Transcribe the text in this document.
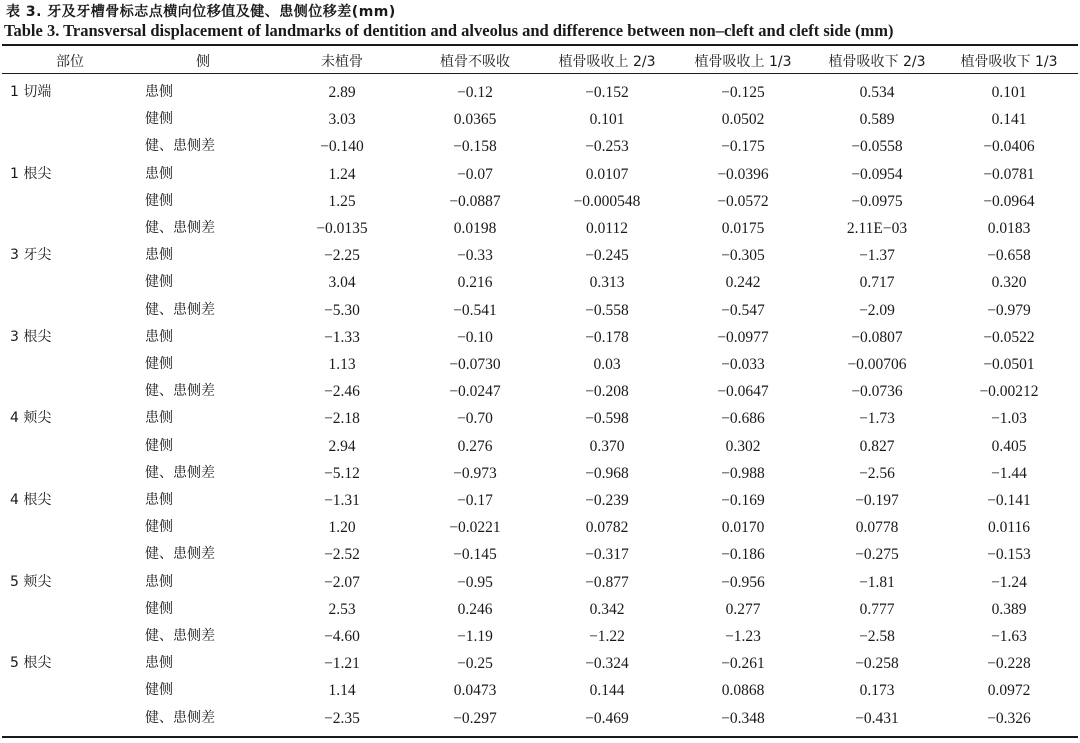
表 3. 牙及牙槽骨标志点横向位移值及健、患侧位移差(mm)
Table 3. Transversal displacement of landmarks of dentition and alveolus and difference between non–cleft and cleft side (mm)
部位	侧	未植骨	植骨不吸收	植骨吸收上 2/3	植骨吸收上 1/3	植骨吸收下 2/3	植骨吸收下 1/3
1 切端	患侧	2.89	−0.12	−0.152	−0.125	0.534	0.101
健侧	3.03	0.0365	0.101	0.0502	0.589	0.141
健、患侧差	−0.140	−0.158	−0.253	−0.175	−0.0558	−0.0406
1 根尖	患侧	1.24	−0.07	0.0107	−0.0396	−0.0954	−0.0781
健侧	1.25	−0.0887	−0.000548	−0.0572	−0.0975	−0.0964
健、患侧差	−0.0135	0.0198	0.0112	0.0175	2.11E−03	0.0183
3 牙尖	患侧	−2.25	−0.33	−0.245	−0.305	−1.37	−0.658
健侧	3.04	0.216	0.313	0.242	0.717	0.320
健、患侧差	−5.30	−0.541	−0.558	−0.547	−2.09	−0.979
3 根尖	患侧	−1.33	−0.10	−0.178	−0.0977	−0.0807	−0.0522
健侧	1.13	−0.0730	0.03	−0.033	−0.00706	−0.0501
健、患侧差	−2.46	−0.0247	−0.208	−0.0647	−0.0736	−0.00212
4 颊尖	患侧	−2.18	−0.70	−0.598	−0.686	−1.73	−1.03
健侧	2.94	0.276	0.370	0.302	0.827	0.405
健、患侧差	−5.12	−0.973	−0.968	−0.988	−2.56	−1.44
4 根尖	患侧	−1.31	−0.17	−0.239	−0.169	−0.197	−0.141
健侧	1.20	−0.0221	0.0782	0.0170	0.0778	0.0116
健、患侧差	−2.52	−0.145	−0.317	−0.186	−0.275	−0.153
5 颊尖	患侧	−2.07	−0.95	−0.877	−0.956	−1.81	−1.24
健侧	2.53	0.246	0.342	0.277	0.777	0.389
健、患侧差	−4.60	−1.19	−1.22	−1.23	−2.58	−1.63
5 根尖	患侧	−1.21	−0.25	−0.324	−0.261	−0.258	−0.228
健侧	1.14	0.0473	0.144	0.0868	0.173	0.0972
健、患侧差	−2.35	−0.297	−0.469	−0.348	−0.431	−0.326
